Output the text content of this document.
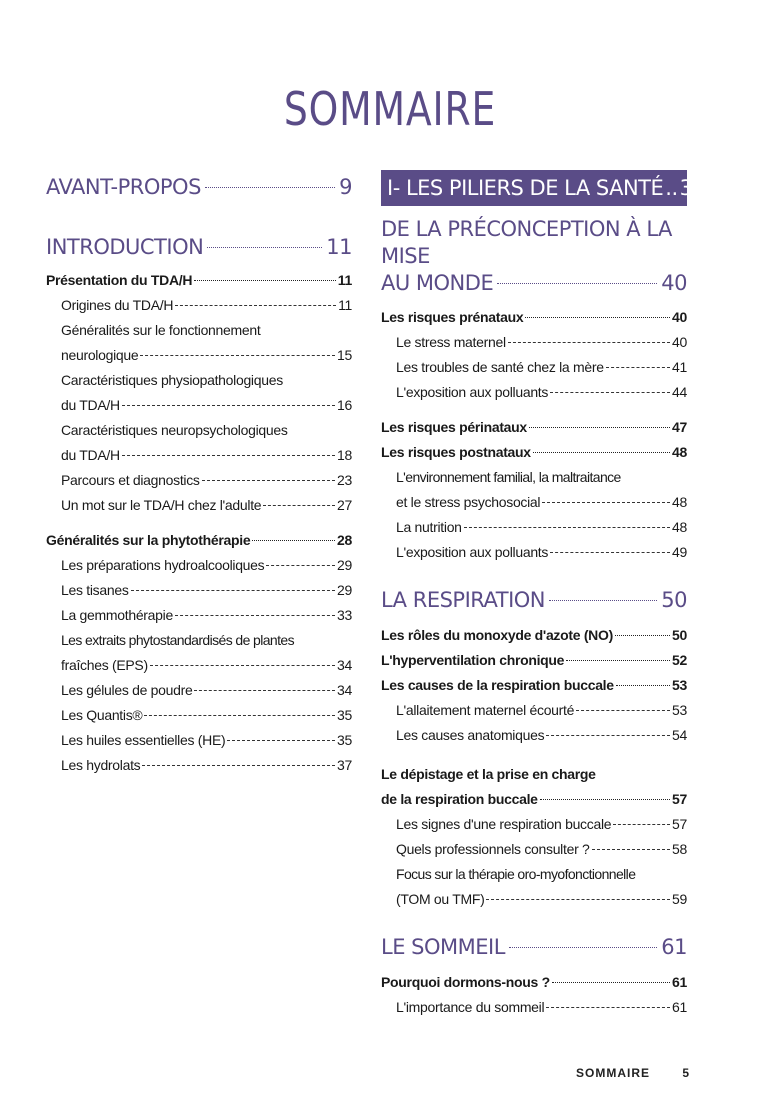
SOMMAIRE
AVANT-PROPOS	9
INTRODUCTION	11
Présentation du TDA/H	11
Origines du TDA/H	11
Généralités sur le fonctionnement
neurologique	15
Caractéristiques physiopathologiques
du TDA/H	16
Caractéristiques neuropsychologiques
du TDA/H	18
Parcours et diagnostics	23
Un mot sur le TDA/H chez l'adulte	27
Généralités sur la phytothérapie	28
Les préparations hydroalcooliques	29
Les tisanes	29
La gemmothérapie	33
Les extraits phytostandardisés de plantes
fraîches (EPS)	34
Les gélules de poudre	34
Les Quantis®	35
Les huiles essentielles (HE)	35
Les hydrolats	37
I- LES PILIERS DE LA SANTÉ .. 39
DE LA PRÉCONCEPTION À LA MISE
AU MONDE	40
Les risques prénataux	40
Le stress maternel	40
Les troubles de santé chez la mère	41
L'exposition aux polluants	44
Les risques périnataux	47
Les risques postnataux	48
L'environnement familial, la maltraitance
et le stress psychosocial	48
La nutrition	48
L'exposition aux polluants	49
LA RESPIRATION	50
Les rôles du monoxyde d'azote (NO)	50
L'hyperventilation chronique	52
Les causes de la respiration buccale	53
L'allaitement maternel écourté	53
Les causes anatomiques	54
Le dépistage et la prise en charge
de la respiration buccale	57
Les signes d'une respiration buccale	57
Quels professionnels consulter ?	58
Focus sur la thérapie oro-myofonctionnelle
(TOM ou TMF)	59
LE SOMMEIL	61
Pourquoi dormons-nous ?	61
L'importance du sommeil	61
SOMMAIRE	5
